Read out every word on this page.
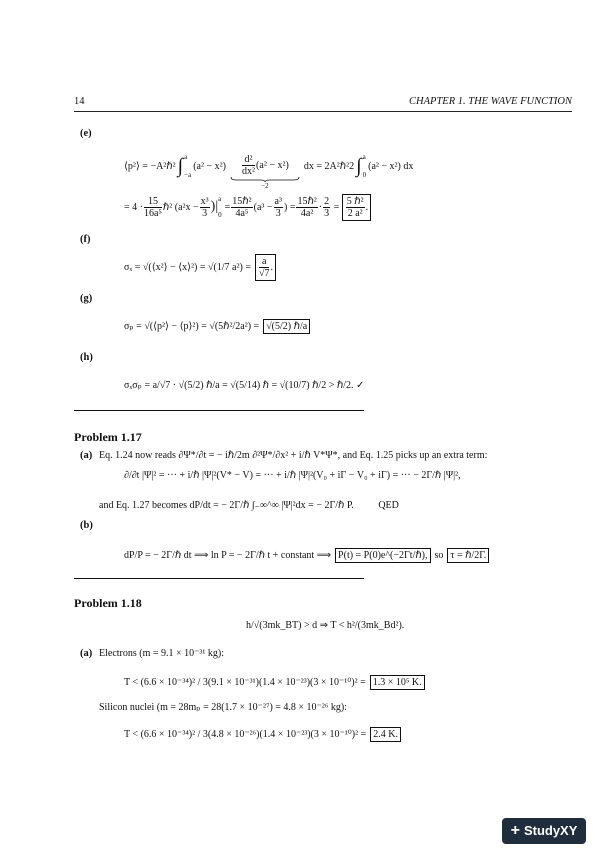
14	CHAPTER 1. THE WAVE FUNCTION
(e)
⟨p²⟩ = −A²ℏ² ∫ a
−a
$(a^2 - x^2) \frac{\text{d²}}{\text{dx²}} (a^2 - x^2)$
−2
dx = 2A²ℏ²2 ∫ a
0
(a² − x²) dx
= $4 \cdot \frac{15}{\text{16a⁵}}$ ℏ² ($a^2x - \frac{\text{x³}}{3}$ )| a
0
= $\frac{\text{15ℏ²}}{\text{4a⁵}} (a^3 - \frac{\text{a³}}{3}$ ) = $\frac{\text{15ℏ²}}{\text{4a²}} \cdot \frac{2}{3} = \frac{\text{5 ℏ²}}{\text{2 a²}}$ .
(f)
σₓ = √(⟨x²⟩ − ⟨x⟩²) = √(1/7 $a^2) = \frac{a}{√7}$ .
(g)
σₚ = √(⟨p²⟩ − ⟨p⟩²) = √(5ℏ²/2a²) = √(5/2) ℏ/a
(h)
σₓσₚ = a/√7 · √(5/2) ℏ/a = √(5/14) ℏ = √(10/7) ℏ/2 > ℏ/2. ✓
Problem 1.17
(a) Eq. 1.24 now reads ∂Ψ*/∂t = − iℏ/2m ∂²Ψ*/∂x² + i/ℏ V*Ψ*, and Eq. 1.25 picks up an extra term:
∂/∂t |Ψ|² = ··· + i/ℏ |Ψ|²(V* − V) = ··· + i/ℏ |Ψ|²(V₀ + iΓ − V₀ + iΓ) = ··· − 2Γ/ℏ |Ψ|²,
and Eq. 1.27 becomes dP/dt = − 2Γ/ℏ ∫₋∞^∞ |Ψ|²dx = − 2Γ/ℏ P. QED
(b)
dP/P = − 2Γ/ℏ dt ⟹ ln P = − 2Γ/ℏ t + constant ⟹ P(t) = P(0)e^(−2Γt/ℏ), so τ = ℏ/2Γ.
Problem 1.18
h/√(3mk_BT) > d ⇒ T < h²/(3mk_Bd²).
(a) Electrons (m = 9.1 × 10⁻³¹ kg):
T < (6.6 × 10⁻³⁴)² / 3(9.1 × 10⁻³¹)(1.4 × 10⁻²³)(3 × 10⁻¹⁰)² = 1.3 × 10⁵ K.
Silicon nuclei (m = 28mₚ = 28(1.7 × 10⁻²⁷) = 4.8 × 10⁻²⁶ kg):
T < (6.6 × 10⁻³⁴)² / 3(4.8 × 10⁻²⁶)(1.4 × 10⁻²³)(3 × 10⁻¹⁰)² = 2.4 K.
+ StudyXY
